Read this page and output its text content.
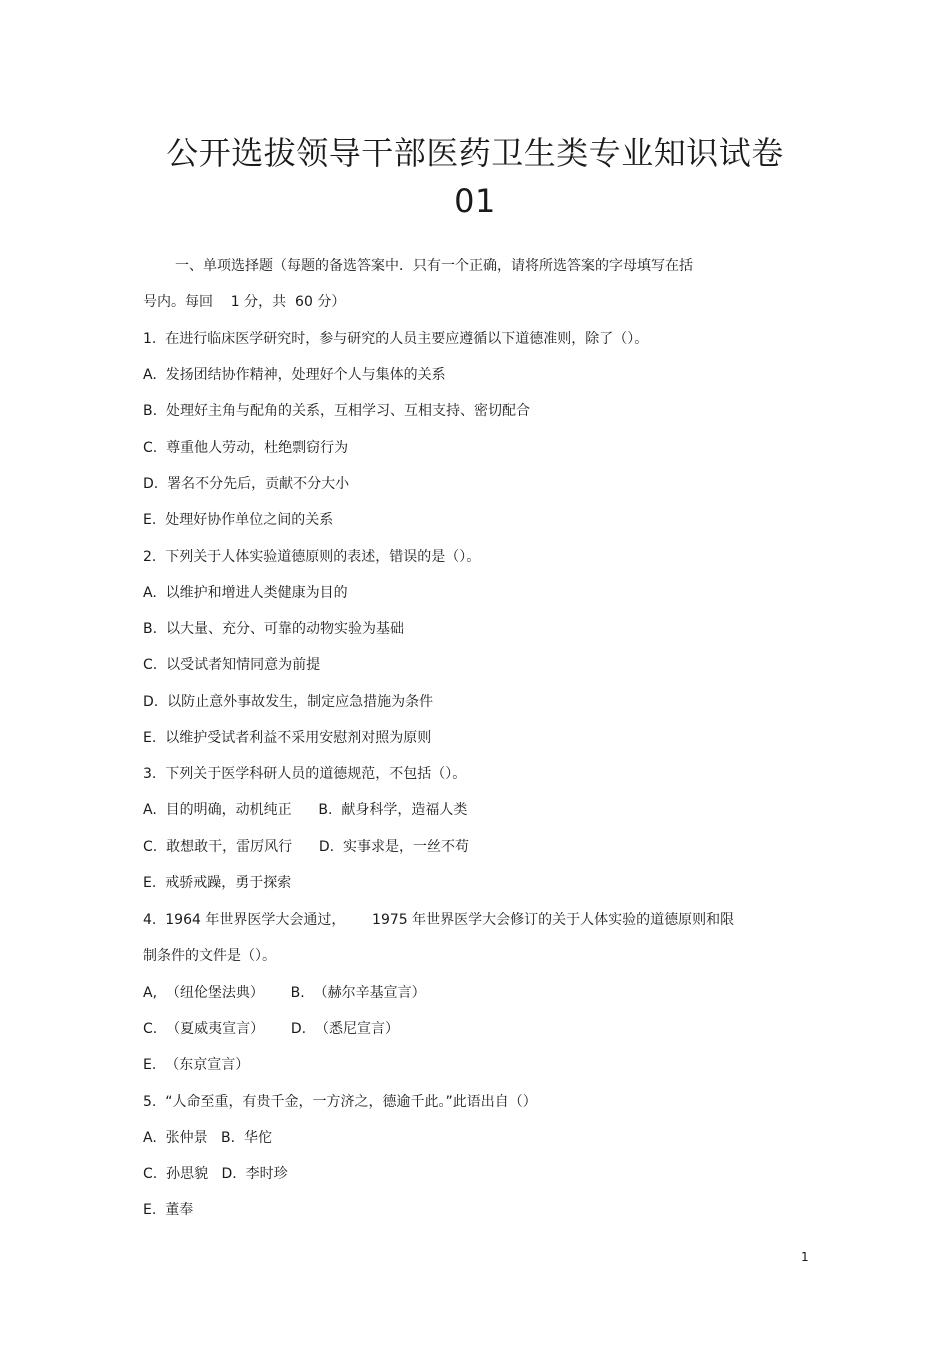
公开选拔领导干部医药卫生类专业知识试卷
01
一、单项选择题（每题的备选答案中．只有一个正确，请将所选答案的字母填写在括
号内。每回    1 分，共  60 分）
1.  在进行临床医学研究时，参与研究的人员主要应遵循以下道德准则，除了（）。
A.  发扬团结协作精神，处理好个人与集体的关系
B.  处理好主角与配角的关系，互相学习、互相支持、密切配合
C.  尊重他人劳动，杜绝剽窃行为
D.  署名不分先后，贡献不分大小
E.  处理好协作单位之间的关系
2.  下列关于人体实验道德原则的表述，错误的是（）。
A.  以维护和增进人类健康为目的
B.  以大量、充分、可靠的动物实验为基础
C.  以受试者知情同意为前提
D.  以防止意外事故发生，制定应急措施为条件
E.  以维护受试者利益不采用安慰剂对照为原则
3.  下列关于医学科研人员的道德规范，不包括（）。
A.  目的明确，动机纯正      B.  献身科学，造福人类
C.  敢想敢干，雷厉风行      D.  实事求是，一丝不苟
E.  戒骄戒躁，勇于探索
4.  1964 年世界医学大会通过，      1975 年世界医学大会修订的关于人体实验的道德原则和限
制条件的文件是（）。
A,  （纽伦堡法典）      B.  （赫尔辛基宣言）
C.  （夏威夷宣言）      D.  （悉尼宣言）
E.  （东京宣言）
5.  “人命至重，有贵千金，一方济之，德逾千此。”此语出自（）
A.  张仲景   B.  华佗
C.  孙思貌   D.  李时珍
E.  董奉
1
